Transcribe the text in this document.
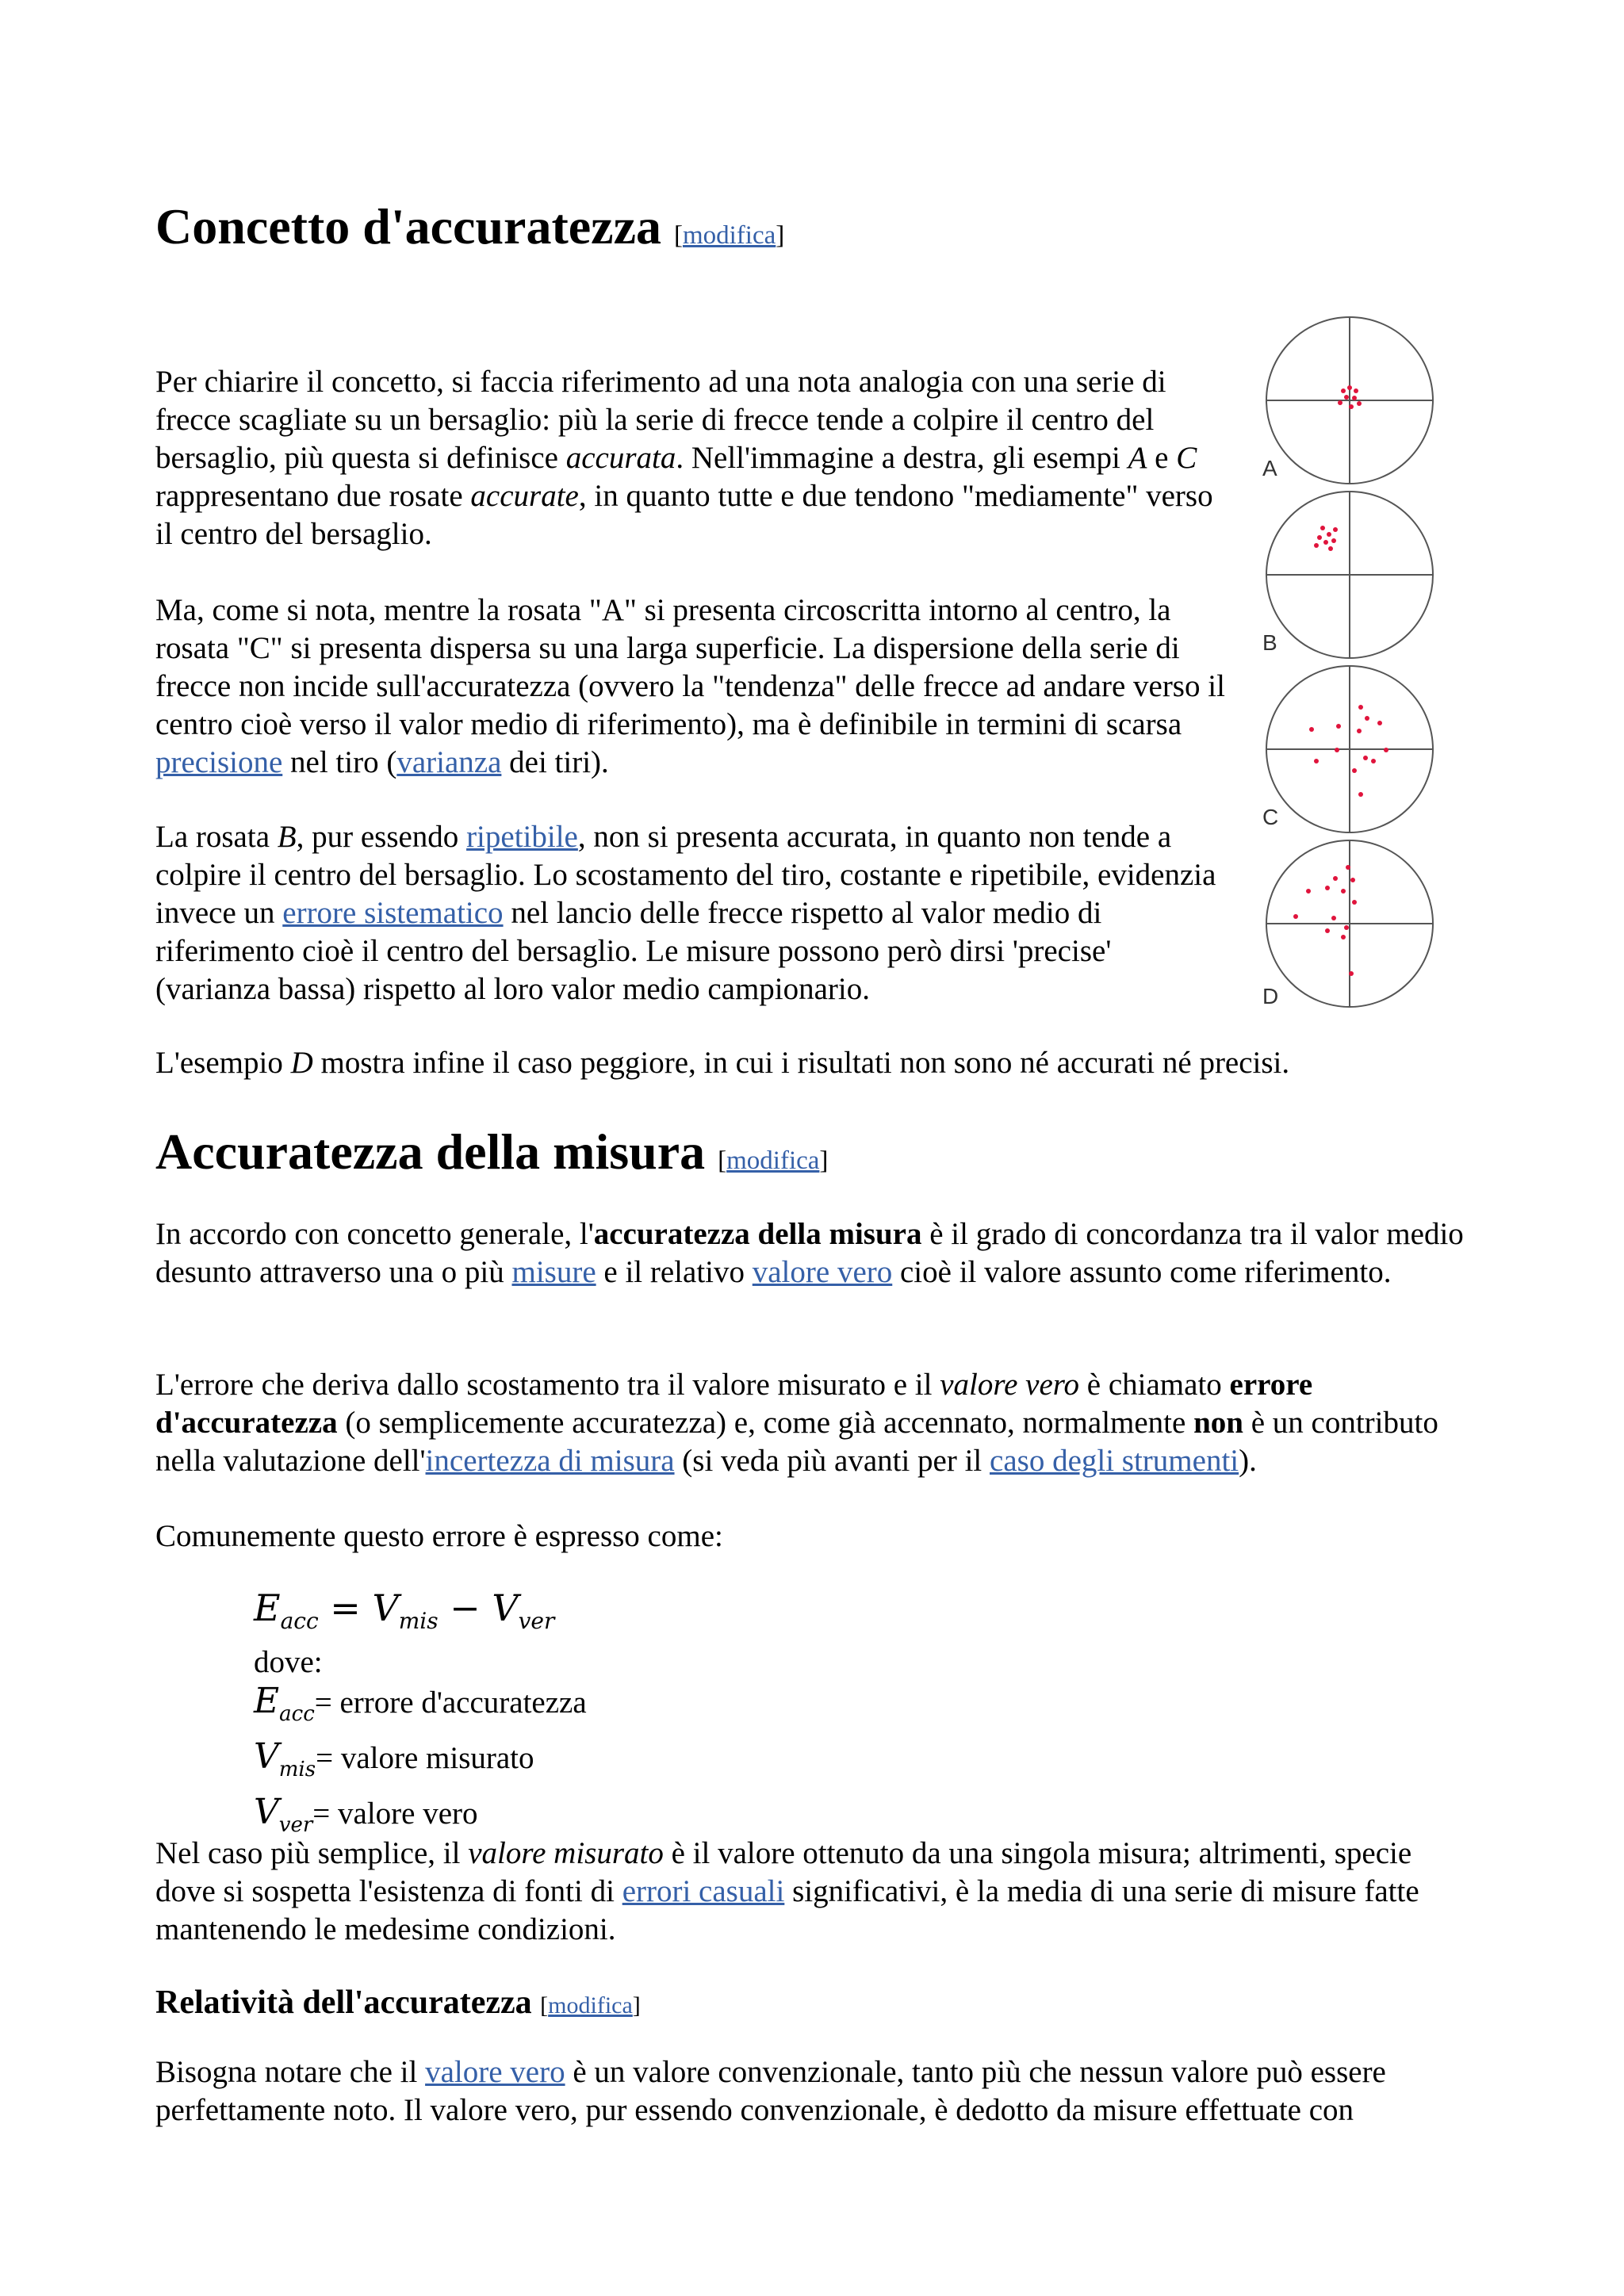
Concetto d'accuratezza [modifica]
A
B
C
D

Per chiarire il concetto, si faccia riferimento ad una nota analogia con una serie di frecce scagliate su un bersaglio: più la serie di frecce tende a colpire il centro del bersaglio, più questa si definisce accurata. Nell'immagine a destra, gli esempi A e C rappresentano due rosate accurate, in quanto tutte e due tendono "mediamente" verso il centro del bersaglio.

Ma, come si nota, mentre la rosata "A" si presenta circoscritta intorno al centro, la rosata "C" si presenta dispersa su una larga superficie. La dispersione della serie di frecce non incide sull'accuratezza (ovvero la "tendenza" delle frecce ad andare verso il centro cioè verso il valor medio di riferimento), ma è definibile in termini di scarsa precisione nel tiro (varianza dei tiri).

La rosata B, pur essendo ripetibile, non si presenta accurata, in quanto non tende a colpire il centro del bersaglio. Lo scostamento del tiro, costante e ripetibile, evidenzia invece un errore sistematico nel lancio delle frecce rispetto al valor medio di riferimento cioè il centro del bersaglio. Le misure possono però dirsi 'precise' (varianza bassa) rispetto al loro valor medio campionario.

L'esempio D mostra infine il caso peggiore, in cui i risultati non sono né accurati né precisi.

Accuratezza della misura [modifica]

In accordo con concetto generale, l'accuratezza della misura è il grado di concordanza tra il valor medio desunto attraverso una o più misure e il relativo valore vero cioè il valore assunto come riferimento.

L'errore che deriva dallo scostamento tra il valore misurato e il valore vero è chiamato errore d'accuratezza (o semplicemente accuratezza) e, come già accennato, normalmente non è un contributo nella valutazione dell'incertezza di misura (si veda più avanti per il caso degli strumenti).

Comunemente questo errore è espresso come:

$E_{acc} = V_{mis} - V_{ver}$
dove:
$E_{acc}=$ errore d'accuratezza
$V_{mis}=$ valore misurato
$V_{ver}=$ valore vero

Nel caso più semplice, il valore misurato è il valore ottenuto da una singola misura; altrimenti, specie dove si sospetta l'esistenza di fonti di errori casuali significativi, è la media di una serie di misure fatte mantenendo le medesime condizioni.

Relatività dell'accuratezza [modifica]

Bisogna notare che il valore vero è un valore convenzionale, tanto più che nessun valore può essere perfettamente noto. Il valore vero, pur essendo convenzionale, è dedotto da misure effettuate con
